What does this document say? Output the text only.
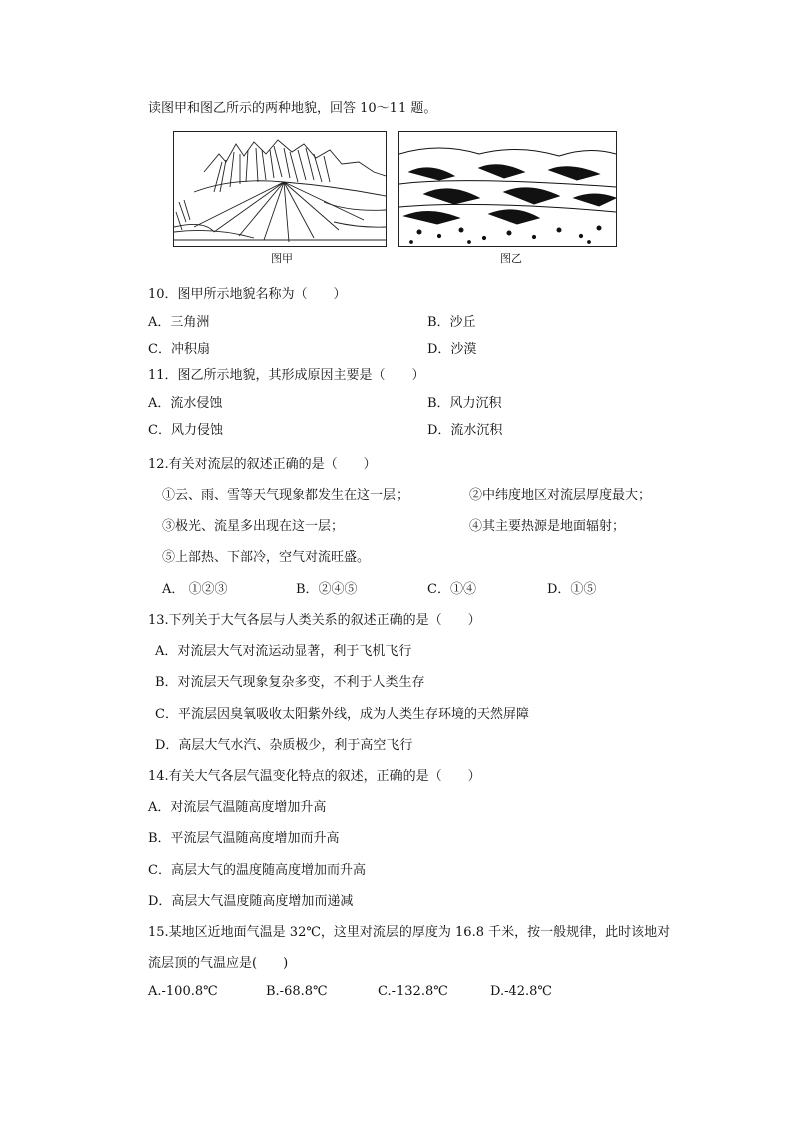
读图甲和图乙所示的两种地貌，回答 10～11 题。
图甲	图乙
10．图甲所示地貌名称为（　　）
A．三角洲	B．沙丘
C．冲积扇	D．沙漠
11．图乙所示地貌，其形成原因主要是（　　）
A．流水侵蚀	B．风力沉积
C．风力侵蚀	D．流水沉积
12.有关对流层的叙述正确的是（　　）
①云、雨、雪等天气现象都发生在这一层；	②中纬度地区对流层厚度最大；
③极光、流星多出现在这一层；	④其主要热源是地面辐射；
⑤上部热、下部冷，空气对流旺盛。
A． ①②③	B．②④⑤	C．①④	D．①⑤
13.下列关于大气各层与人类关系的叙述正确的是（　　）
A．对流层大气对流运动显著，利于飞机飞行
B．对流层天气现象复杂多变，不利于人类生存
C．平流层因臭氧吸收太阳紫外线，成为人类生存环境的天然屏障
D．高层大气水汽、杂质极少，利于高空飞行
14.有关大气各层气温变化特点的叙述，正确的是（　　）
A．对流层气温随高度增加升高
B．平流层气温随高度增加而升高
C．高层大气的温度随高度增加而升高
D．高层大气温度随高度增加而递减
15.某地区近地面气温是 32℃，这里对流层的厚度为 16.8 千米，按一般规律，此时该地对
流层顶的气温应是(　　)
A.-100.8℃	B.-68.8℃	C.-132.8℃	D.-42.8℃
